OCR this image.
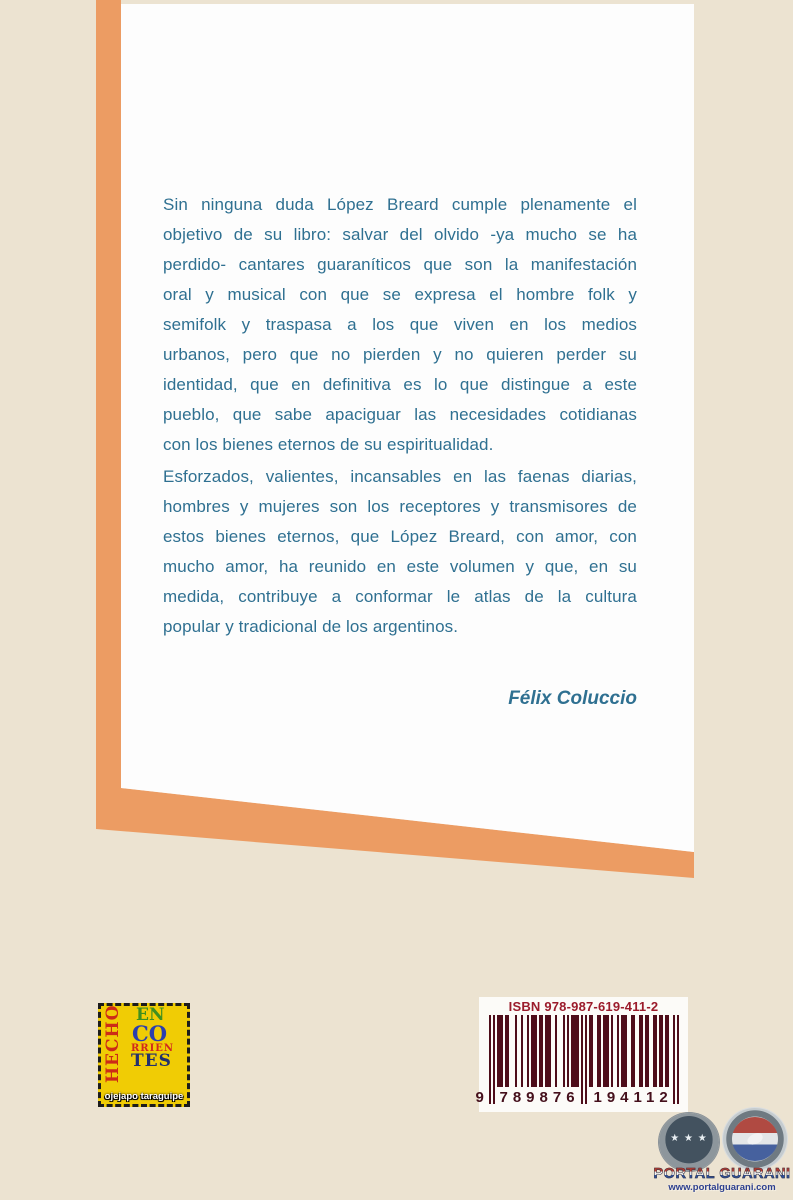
Sin ninguna duda López Breard cumple plenamente el
objetivo de su libro: salvar del olvido -ya mucho se ha
perdido- cantares guaraníticos que son la manifestación
oral y musical con que se expresa el hombre folk y
semifolk y traspasa a los que viven en los medios
urbanos, pero que no pierden y no quieren perder su
identidad, que en definitiva es lo que distingue a este
pueblo, que sabe apaciguar las necesidades cotidianas
con los bienes eternos de su espiritualidad.
Esforzados, valientes, incansables en las faenas diarias,
hombres y mujeres son los receptores y transmisores de
estos bienes eternos, que López Breard, con amor, con
mucho amor, ha reunido en este volumen y que, en su
medida, contribuye a conformar le atlas de la cultura
popular y tradicional de los argentinos.
Félix Coluccio
HECHO EN
CO
RRIEN
TES
ojejapo taraguipe
ISBN 978-987-619-411-2
9	789876 194112
★ ★ ★
PORTAL GUARANI
www.portalguarani.com
